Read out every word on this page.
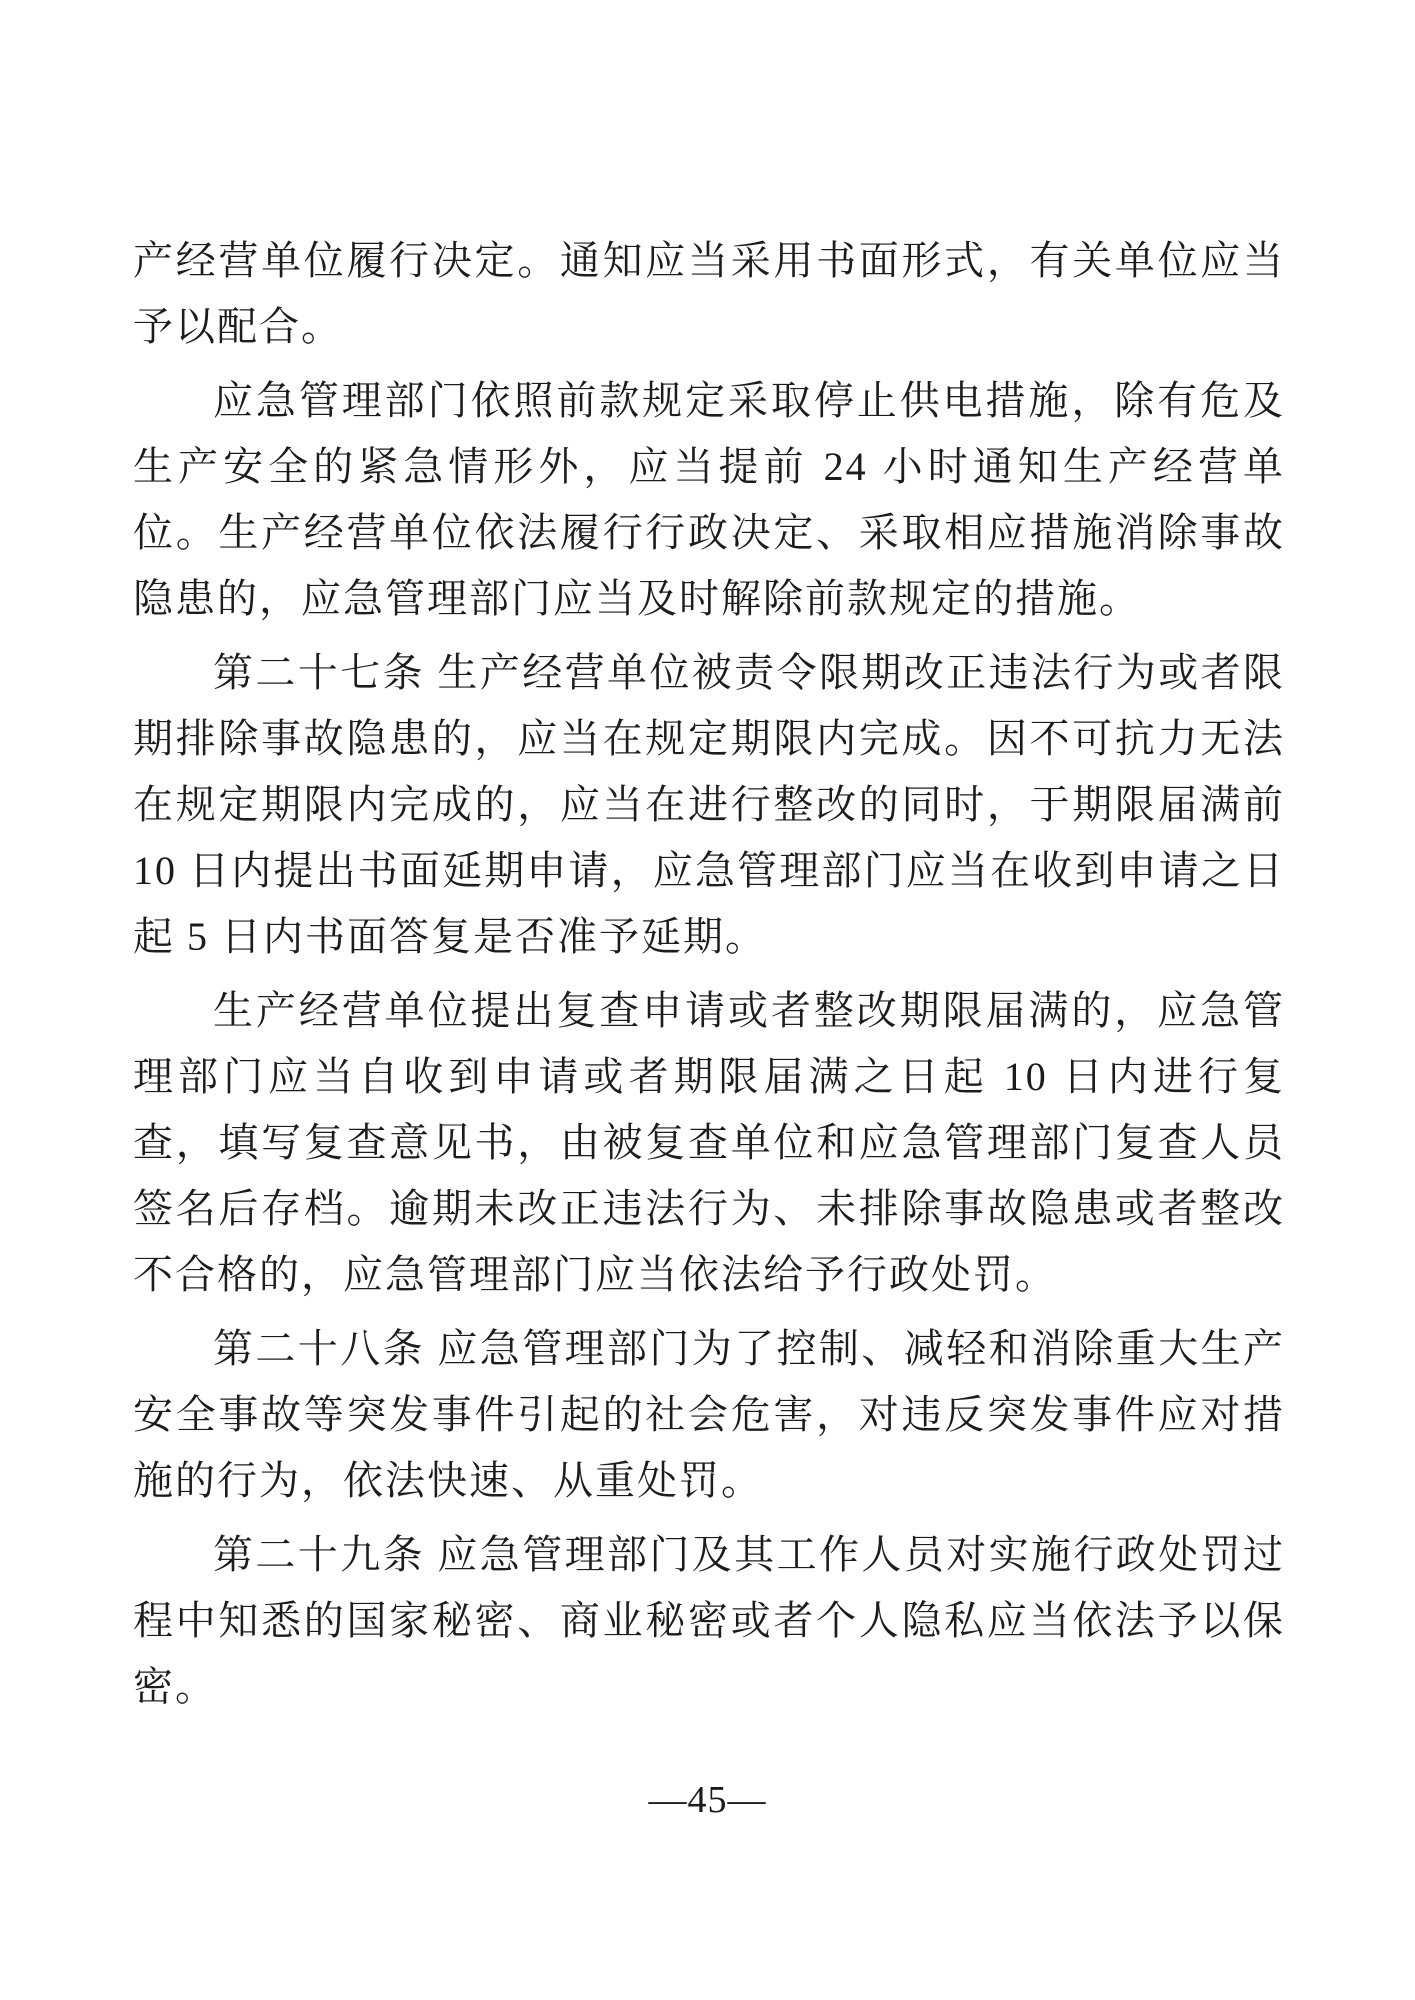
产经营单位履行决定。通知应当采用书面形式，有关单位应当予以配合。

应急管理部门依照前款规定采取停止供电措施，除有危及生产安全的紧急情形外，应当提前 24 小时通知生产经营单位。生产经营单位依法履行行政决定、采取相应措施消除事故隐患的，应急管理部门应当及时解除前款规定的措施。

第二十七条 生产经营单位被责令限期改正违法行为或者限期排除事故隐患的，应当在规定期限内完成。因不可抗力无法在规定期限内完成的，应当在进行整改的同时，于期限届满前 10 日内提出书面延期申请，应急管理部门应当在收到申请之日起 5 日内书面答复是否准予延期。

生产经营单位提出复查申请或者整改期限届满的，应急管理部门应当自收到申请或者期限届满之日起 10 日内进行复查，填写复查意见书，由被复查单位和应急管理部门复查人员签名后存档。逾期未改正违法行为、未排除事故隐患或者整改不合格的，应急管理部门应当依法给予行政处罚。

第二十八条 应急管理部门为了控制、减轻和消除重大生产安全事故等突发事件引起的社会危害，对违反突发事件应对措施的行为，依法快速、从重处罚。

第二十九条 应急管理部门及其工作人员对实施行政处罚过程中知悉的国家秘密、商业秘密或者个人隐私应当依法予以保密。

—45—
